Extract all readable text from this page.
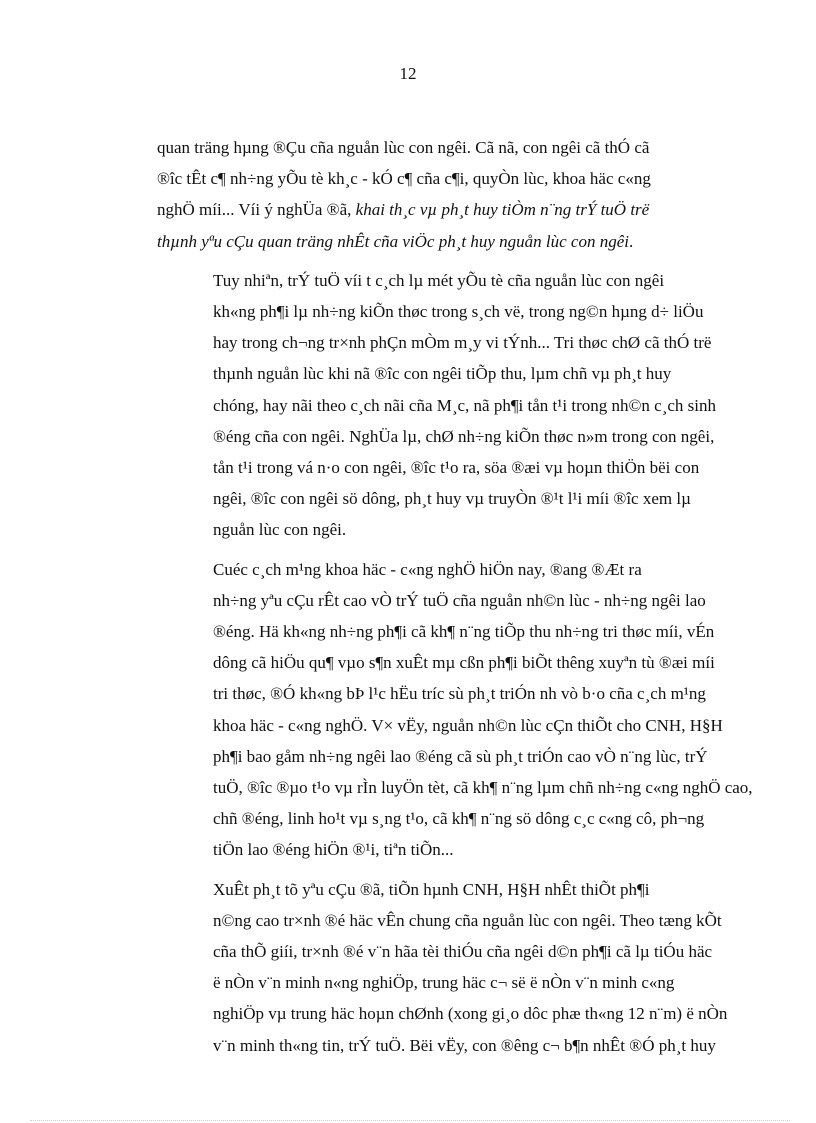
12

quan träng hµng ®Çu cña nguån lùc con ngêi. Cã nã, con ngêi cã thÓ cã
®îc tÊt c¶ nh÷ng yÕu tè kh¸c - kÓ c¶ cña c¶i, quyÒn lùc, khoa häc c«ng
nghÖ míi... Víi ý nghÜa ®ã, khai th¸c vµ ph¸t huy tiÒm n¨ng trÝ tuÖ trë
thµnh yªu cÇu quan träng nhÊt cña viÖc ph¸t huy nguån lùc con ngêi.

Tuy nhiªn, trÝ tuÖ víi t c¸ch lµ mét yÕu tè cña nguån lùc con ngêi
kh«ng ph¶i lµ nh÷ng kiÕn thøc trong s¸ch vë, trong ng©n hµng d÷ liÖu
hay trong ch¬ng tr×nh phÇn mÒm m¸y vi tÝnh... Tri thøc chØ cã thÓ trë
thµnh nguån lùc khi nã ®îc con ngêi tiÕp thu, lµm chñ vµ ph¸t huy
chóng, hay nãi theo c¸ch nãi cña M¸c, nã ph¶i tån t¹i trong nh©n c¸ch sinh
®éng cña con ngêi. NghÜa lµ, chØ nh÷ng kiÕn thøc n»m trong con ngêi,
tån t¹i trong vá n·o con ngêi, ®îc t¹o ra, söa ®æi vµ hoµn thiÖn bëi con
ngêi, ®îc con ngêi sö dông, ph¸t huy vµ truyÒn ®¹t l¹i míi ®îc xem lµ
nguån lùc con ngêi.

Cuéc c¸ch m¹ng khoa häc - c«ng nghÖ hiÖn nay, ®ang ®Æt ra
nh÷ng yªu cÇu rÊt cao vÒ trÝ tuÖ cña nguån nh©n lùc - nh÷ng ngêi lao
®éng. Hä kh«ng nh÷ng ph¶i cã kh¶ n¨ng tiÕp thu nh÷ng tri thøc míi, vÉn
dông cã hiÖu qu¶ vµo s¶n xuÊt mµ cßn ph¶i biÕt thêng xuyªn tù ®æi míi
tri thøc, ®Ó kh«ng bÞ l¹c hËu tríc sù ph¸t triÓn nh vò b·o cña c¸ch m¹ng
khoa häc - c«ng nghÖ. V× vËy, nguån nh©n lùc cÇn thiÕt cho CNH, H§H
ph¶i bao gåm nh÷ng ngêi lao ®éng cã sù ph¸t triÓn cao vÒ n¨ng lùc, trÝ
tuÖ, ®îc ®µo t¹o vµ rÌn luyÖn tèt, cã kh¶ n¨ng lµm chñ nh÷ng c«ng nghÖ cao,
chñ ®éng, linh ho¹t vµ s¸ng t¹o, cã kh¶ n¨ng sö dông c¸c c«ng cô, ph¬ng
tiÖn lao ®éng hiÖn ®¹i, tiªn tiÕn...

XuÊt ph¸t tõ yªu cÇu ®ã, tiÕn hµnh CNH, H§H nhÊt thiÕt ph¶i
n©ng cao tr×nh ®é häc vÊn chung cña nguån lùc con ngêi. Theo tæng kÕt
cña thÕ giíi, tr×nh ®é v¨n hãa tèi thiÓu cña ngêi d©n ph¶i cã lµ tiÓu häc
ë nÒn v¨n minh n«ng nghiÖp, trung häc c¬ së ë nÒn v¨n minh c«ng
nghiÖp vµ trung häc hoµn chØnh (xong gi¸o dôc phæ th«ng 12 n¨m) ë nÒn
v¨n minh th«ng tin, trÝ tuÖ. Bëi vËy, con ®êng c¬ b¶n nhÊt ®Ó ph¸t huy
